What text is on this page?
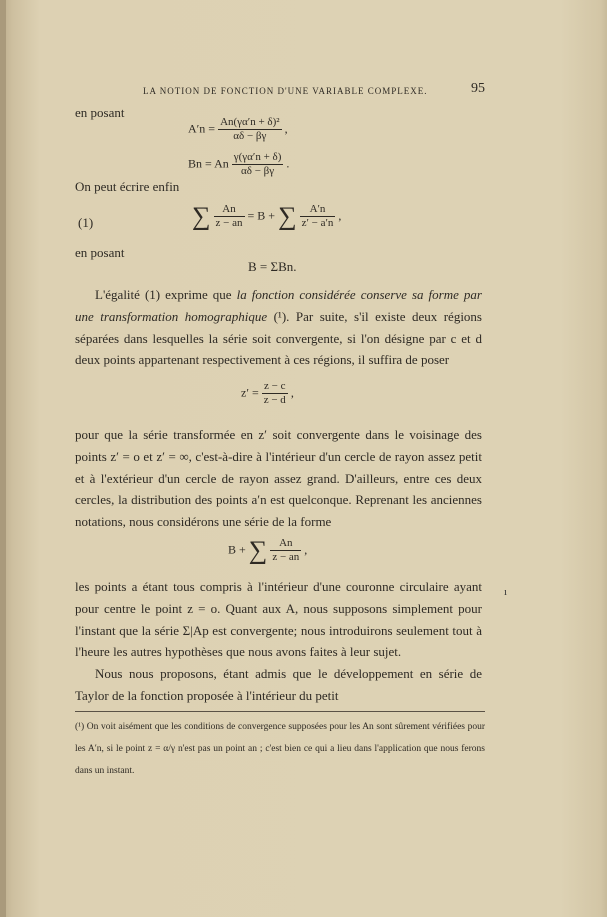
LA NOTION DE FONCTION D'UNE VARIABLE COMPLEXE.	95
en posant
$A'n = \frac{\text{An(γα′n + δ)²}}{\alpha\delta - \beta\gamma}$ ,
Bn = An $\frac{\gamma(\gamma\alpha'n + \delta)}{\alpha\delta - \beta\gamma}$ .
On peut écrire enfin
(1)	∑ $\frac{An}{z - an} = B$ + ∑ $\frac{A'n}{z' - a'n}$ ,
en posant
B = ΣBn.

L'égalité (1) exprime que la fonction considérée conserve sa forme par une transformation homographique (¹). Par suite, s'il existe deux régions séparées dans lesquelles la série soit convergente, si l'on désigne par c et d deux points appartenant respectivement à ces régions, il suffira de poser

$z' = \frac{z - c}{z - d}$ ,

pour que la série transformée en z′ soit convergente dans le voisinage des points z′ = o et z′ = ∞, c'est-à-dire à l'intérieur d'un cercle de rayon assez petit et à l'extérieur d'un cercle de rayon assez grand. D'ailleurs, entre ces deux cercles, la distribution des points a′n est quelconque. Reprenant les anciennes notations, nous considérons une série de la forme

B + ∑ $\frac{An}{z - an}$ ,

les points a étant tous compris à l'intérieur d'une couronne circulaire ayant pour centre le point z = o. Quant aux A, nous supposons simplement pour l'instant que la série Σ|Ap est convergente; nous introduirons seulement tout à l'heure les autres hypothèses que nous avons faites à leur sujet.

Nous nous proposons, étant admis que le développement en série de Taylor de la fonction proposée à l'intérieur du petit

(¹) On voit aisément que les conditions de convergence supposées pour les An sont sûrement vérifiées pour les A′n, si le point z = α/γ n'est pas un point an ; c'est bien ce qui a lieu dans l'application que nous ferons dans un instant.
ı
